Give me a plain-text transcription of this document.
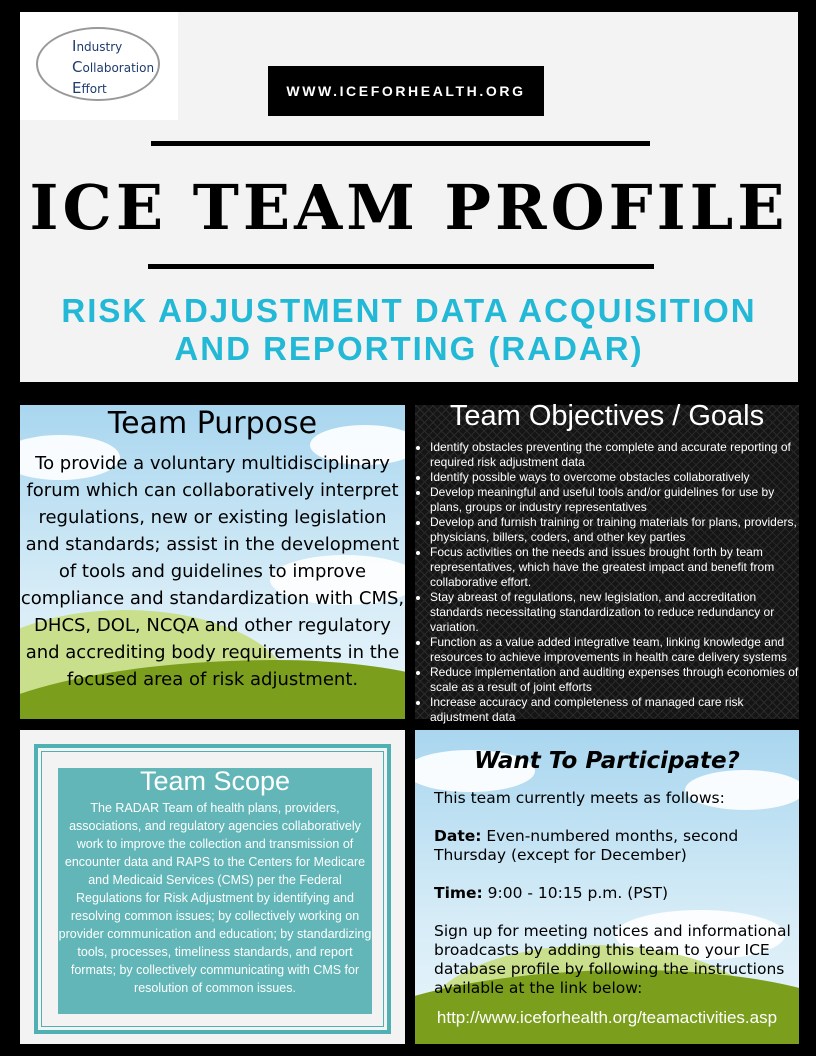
Industry
Collaboration
Effort	WWW.ICEFORHEALTH.ORG
ICE TEAM PROFILE
RISK ADJUSTMENT DATA ACQUISITION
AND REPORTING (RADAR)
Team Purpose
To provide a voluntary multidisciplinary forum which can collaboratively interpret regulations, new or existing legislation and standards; assist in the development of tools and guidelines to improve compliance and standardization with CMS, DHCS, DOL, NCQA and other regulatory and accrediting body requirements in the focused area of risk adjustment.
Team Objectives / Goals
• Identify obstacles preventing the complete and accurate reporting of required risk adjustment data
• Identify possible ways to overcome obstacles collaboratively
• Develop meaningful and useful tools and/or guidelines for use by plans, groups or industry representatives
• Develop and furnish training or training materials for plans, providers, physicians, billers, coders, and other key parties
• Focus activities on the needs and issues brought forth by team representatives, which have the greatest impact and benefit from collaborative effort.
• Stay abreast of regulations, new legislation, and accreditation standards necessitating standardization to reduce redundancy or variation.
• Function as a value added integrative team, linking knowledge and resources to achieve improvements in health care delivery systems
• Reduce implementation and auditing expenses through economies of scale as a result of joint efforts
• Increase accuracy and completeness of managed care risk adjustment data
Team Scope
The RADAR Team of health plans, providers, associations, and regulatory agencies collaboratively work to improve the collection and transmission of encounter data and RAPS to the Centers for Medicare and Medicaid Services (CMS) per the Federal Regulations for Risk Adjustment by identifying and resolving common issues; by collectively working on provider communication and education; by standardizing tools, processes, timeliness standards, and report formats; by collectively communicating with CMS for resolution of common issues.
Want To Participate?
This team currently meets as follows:
Date: Even-numbered months, second Thursday (except for December)
Time: 9:00 - 10:15 p.m. (PST)
Sign up for meeting notices and informational broadcasts by adding this team to your ICE database profile by following the instructions available at the link below:
http://www.iceforhealth.org/teamactivities.asp
